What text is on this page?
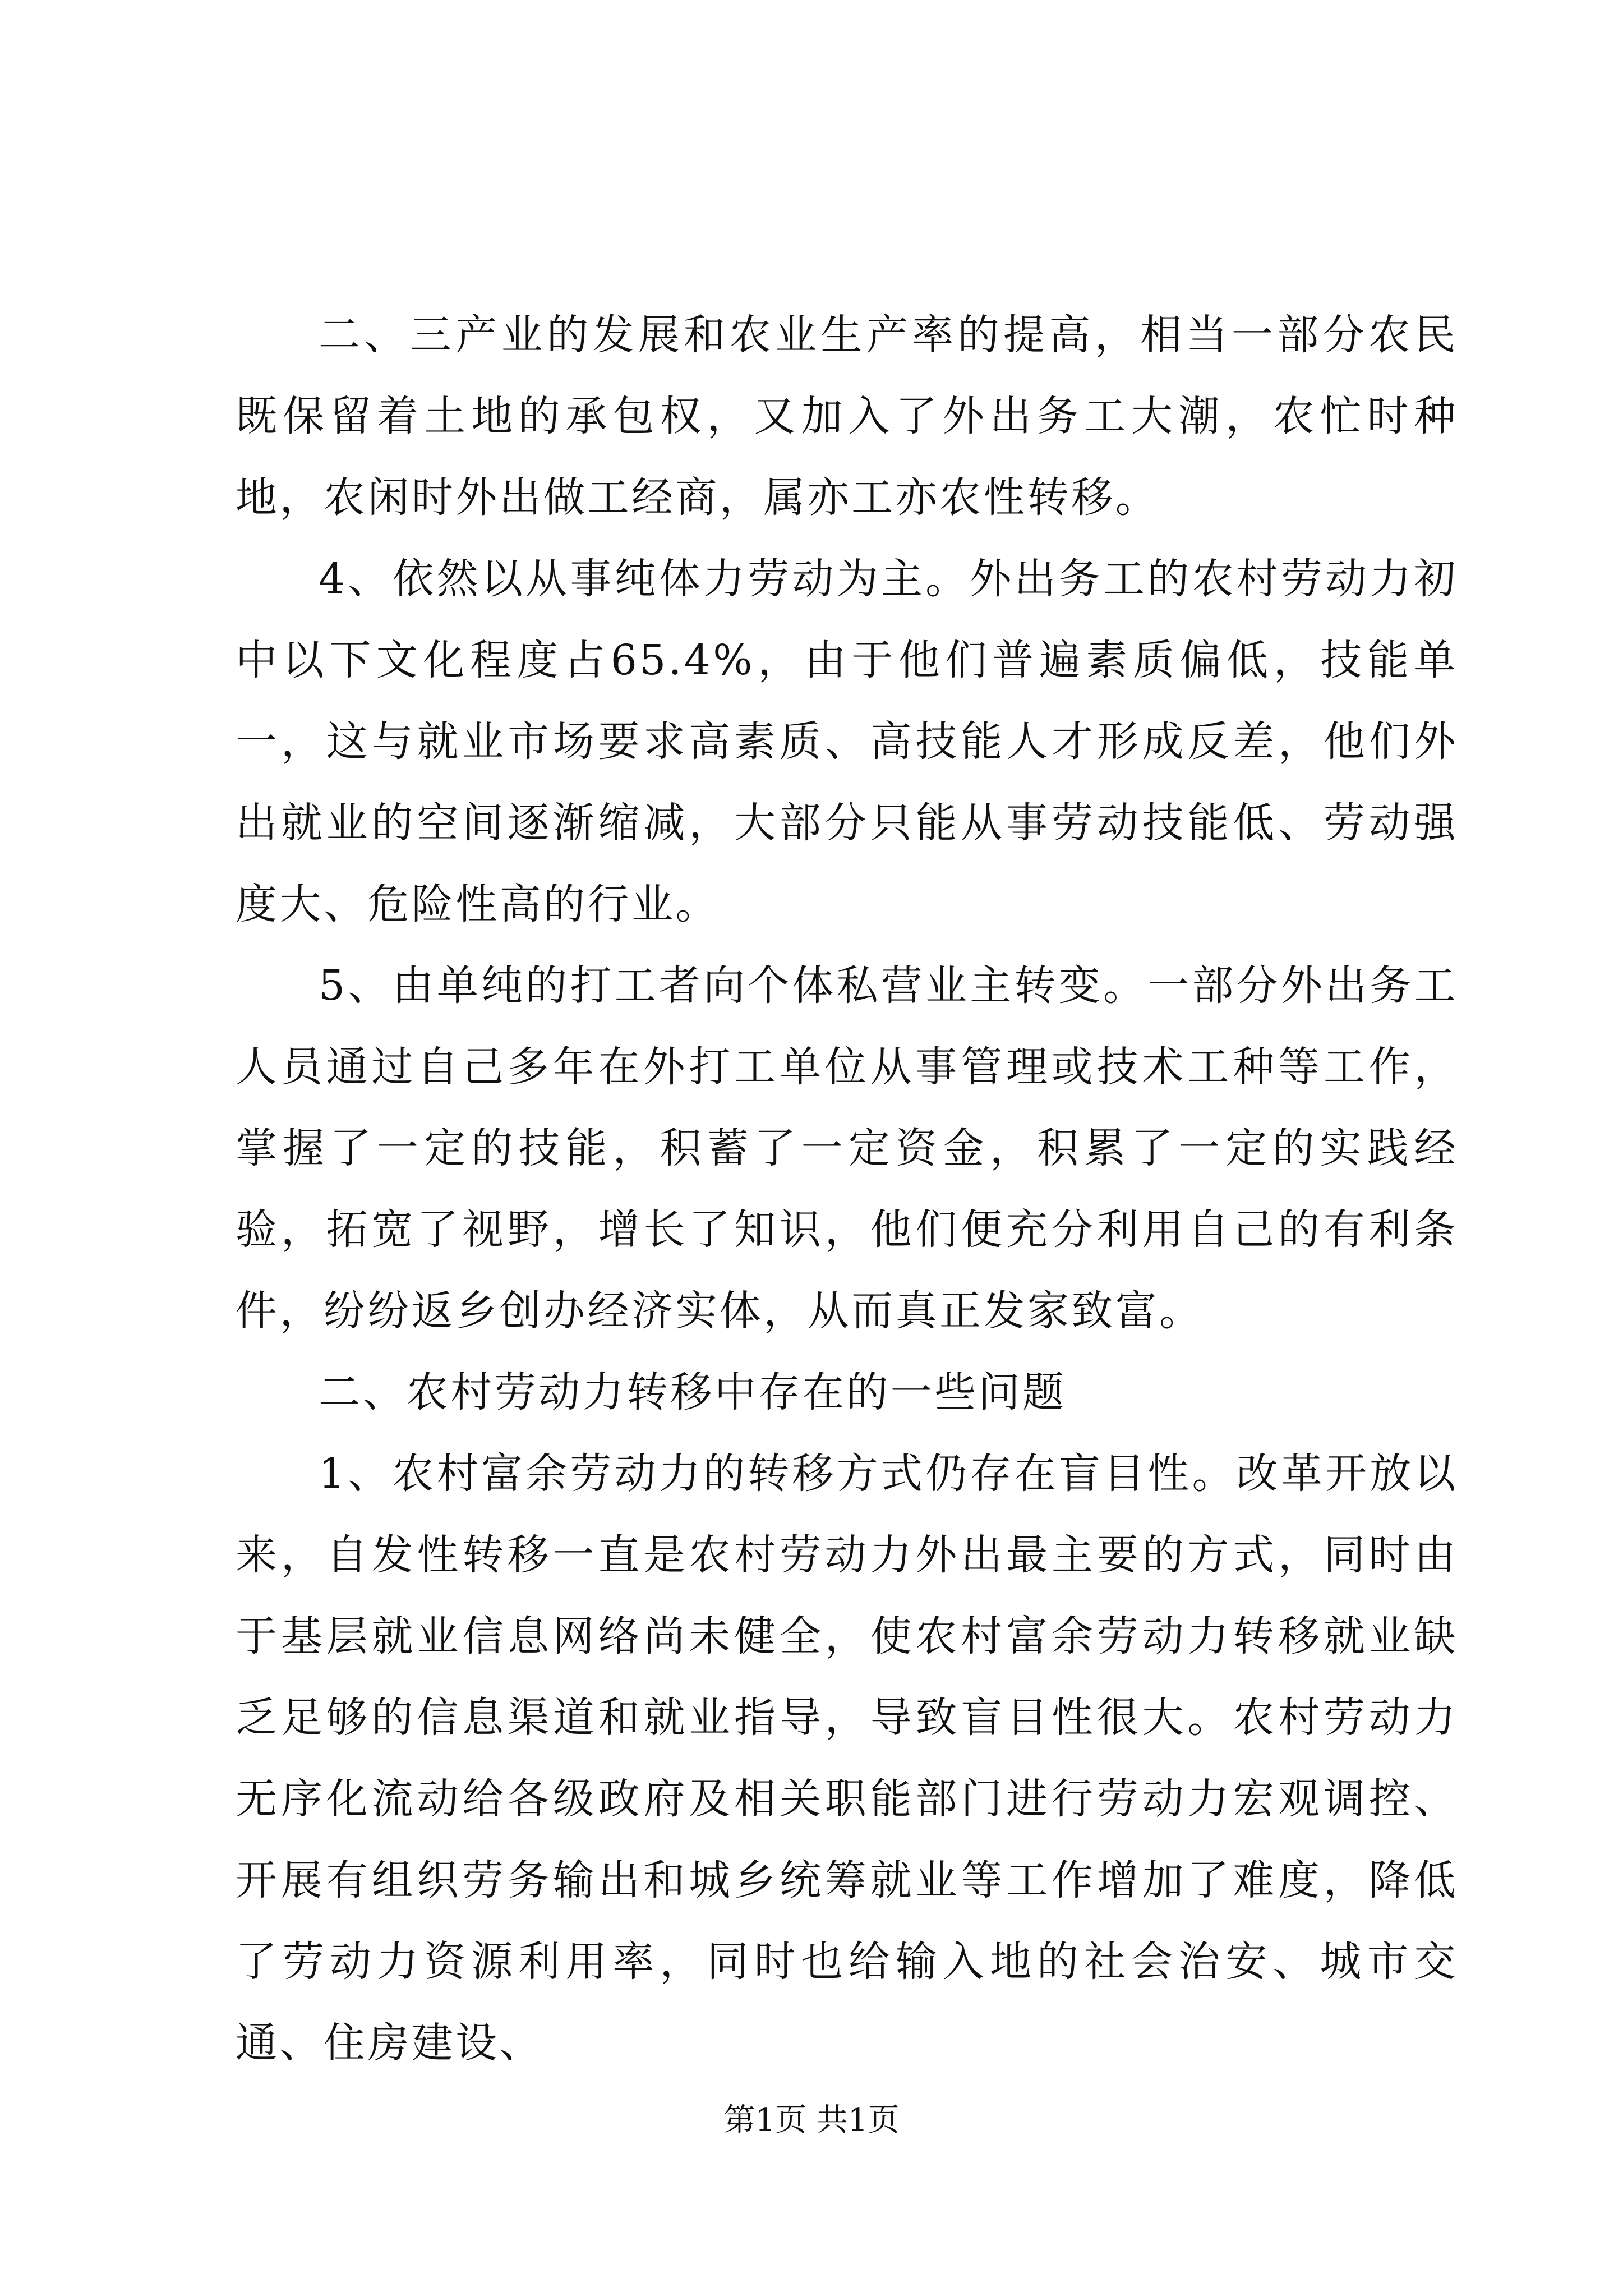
二、三产业的发展和农业生产率的提高，相当一部分农民既保留着土地的承包权，又加入了外出务工大潮，农忙时种地，农闲时外出做工经商，属亦工亦农性转移。

4、依然以从事纯体力劳动为主。外出务工的农村劳动力初中以下文化程度占65.4%，由于他们普遍素质偏低，技能单一，这与就业市场要求高素质、高技能人才形成反差，他们外出就业的空间逐渐缩减，大部分只能从事劳动技能低、劳动强度大、危险性高的行业。

5、由单纯的打工者向个体私营业主转变。一部分外出务工人员通过自己多年在外打工单位从事管理或技术工种等工作，掌握了一定的技能，积蓄了一定资金，积累了一定的实践经验，拓宽了视野，增长了知识，他们便充分利用自己的有利条件，纷纷返乡创办经济实体，从而真正发家致富。

二、农村劳动力转移中存在的一些问题

1、农村富余劳动力的转移方式仍存在盲目性。改革开放以来，自发性转移一直是农村劳动力外出最主要的方式，同时由于基层就业信息网络尚未健全，使农村富余劳动力转移就业缺乏足够的信息渠道和就业指导，导致盲目性很大。农村劳动力无序化流动给各级政府及相关职能部门进行劳动力宏观调控、开展有组织劳务输出和城乡统筹就业等工作增加了难度，降低了劳动力资源利用率，同时也给输入地的社会治安、城市交通、住房建设、

第1页 共1页
